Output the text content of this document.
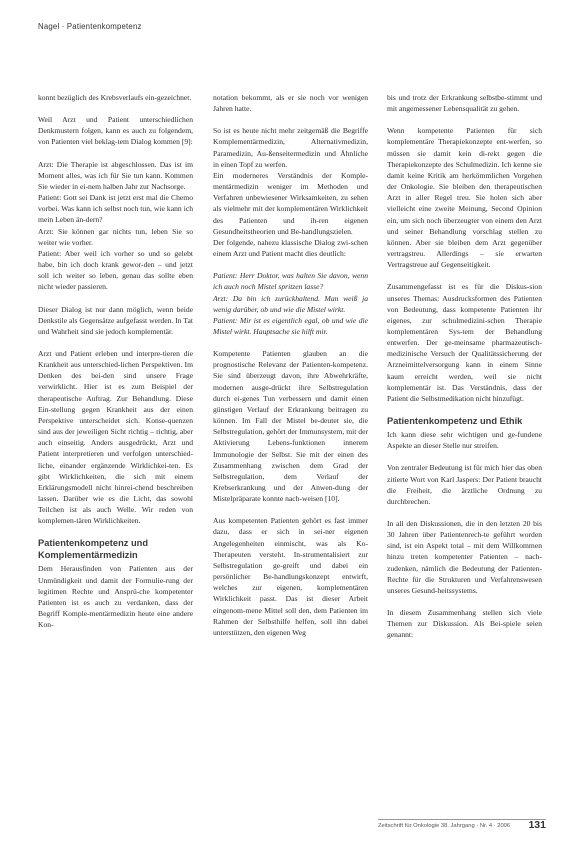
Nagel · Patientenkompetenz

konnt bezüglich des Krebsverlaufs ein-gezeichnet.

Weil Arzt und Patient unterschiedlichen Denkmustern folgen, kann es auch zu folgendem, von Patienten viel beklag-tem Dialog kommen [9]:

Arzt: Die Therapie ist abgeschlossen. Das ist im Moment alles, was ich für Sie tun kann. Kommen Sie wieder in ei-nem halben Jahr zur Nachsorge.

Patient: Gott sei Dank ist jetzt erst mal die Chemo vorbei. Was kann ich selbst noch tun, wie kann ich mein Leben än-dern?

Arzt: Sie können gar nichts tun, leben Sie so weiter wie vorher.

Patient: Aber weil ich vorher so und so gelebt habe, bin ich doch krank gewor-den – und jetzt soll ich weiter so leben, genau das sollte eben nicht wieder passieren.

Dieser Dialog ist nur dann möglich, wenn beide Denkstile als Gegensätze aufgefasst werden. In Tat und Wahrheit sind sie jedoch komplementär.

Arzt und Patient erleben und interpre-tieren die Krankheit aus unterschied-lichen Perspektiven. Im Denken des bei-den sind unsere Frage verwirklicht. Hier ist es zum Beispiel der therapeutische Auftrag. Zur Behandlung. Diese Ein-stellung gegen Krankheit aus der einen Perspektive unterscheidet sich. Konse-quenzen sind aus der jeweiligen Sicht richtig – richtig, aber auch einseitig. Anders ausgedrückt, Arzt und Patient interpretieren und verfolgen unterschied-liche, einander ergänzende Wirklichkei-ten. Es gibt Wirklichkeiten, die sich mit einem Erklärungsmodell nicht hinrei-chend beschreiben lassen. Darüber wie es die Licht, das sowohl Teilchen ist als auch Welle. Wir reden von komplemen-tären Wirklichkeiten.

Patientenkompetenz und Komplementärmedizin

Dem Herausfinden von Patienten aus der Unmündigkeit und damit der Formulie-rung der legitimen Rechte und Ansprü-che kompetenter Patienten ist es auch zu verdanken, dass der Begriff Komple-mentärmedizin heute eine andere Kon-

notation bekommt, als er sie noch vor wenigen Jahren hatte.

So ist es heute nicht mehr zeitgemäß die Begriffe Komplementärmedizin, Alternativmedizin, Paramedizin, Au-ßenseitermedizin und Ähnliche in einen Topf zu werfen.

Ein moderneres Verständnis der Komple-mentärmedizin weniger im Methoden und Verfahren unbewiesener Wirksamkeiten, zu sehen als vielmehr mit der komplementären Wirklichkeit des Patienten und ih-ren eigenen Gesundheitstheorien und Be-handlungszielen.

Der folgende, nahezu klassische Dialog zwi-schen einem Arzt und Patient macht dies deutlich:

Patient: Herr Doktor, was halten Sie davon, wenn ich auch noch Mistel spritzen lasse?

Arzt: Da bin ich zurückhaltend. Man weiß ja wenig darüber, ob und wie die Mistel wirkt.

Patient: Mir ist es eigentlich egal, ob und wie die Mistel wirkt. Hauptsache sie hilft mir.

Kompetente Patienten glauben an die prognostische Relevanz der Patienten-kompetenz. Sie sind überzeugt davon, ihre Abwehrkräfte, modernen ausge-drückt ihre Selbstregulation durch ei-genes Tun verbessern und damit einen günstigen Verlauf der Erkrankung beitragen zu können. Im Fall der Mistel be-deutet sie, die Selbstregulation, gehört der Immunsystem, mit der Aktivierung Lebens-funktionen innerem Immunologie der Selbst. Sie mit der einen des Zusammenhang zwischen dem Grad der Selbstregulation, dem Verlauf der Krebserkrankung und der Anwen-dung der Mistelpräparate konnte nach-weisen [10].

Aus kompetenten Patienten gehört es fast immer dazu, dass er sich in sei-ner eigenen Angelegenheiten einmischt, was als Ko-Therapeuten versteht. In-strumentalisiert zur Selbstregulation ge-greift und dabei ein persönlicher Be-handlungskonzept entwirft, welches zur eigenen, komplementären Wirklichkeit passt. Das ist dieser Arbeit eingenom-mene Mittel soll den, dem Patienten im Rahmen der Selbsthilfe helfen, soll ihn dabei unterstützen, den eigenen Weg

bis und trotz der Erkrankung selbstbe-stimmt und mit angemessener Lebensqualität zu gehen.

Wenn kompetente Patienten für sich komplementäre Therapiekonzepte ent-werfen, so müssen sie damit kein di-rekt gegen die Therapiekonzepte des Schulmedizin. Ich kenne sie damit keine Kritik am herkömmlichen Vorgehen der Onkologie. Sie bleiben den therapeutischen Arzt in aller Regel treu. Sie holen sich aber vielleicht eine zweite Meinung, Second Opinion ein, um sich noch überzeugter von einem den Arzt und seiner Behandlung vorschlag stellen zu können. Aber sie bleiben dem Arzt gegenüber vertragstreu. Allerdings – sie erwarten Vertragstreue auf Gegenseitigkeit.

Zusammengefasst ist es für die Diskus-sion unseres Themas: Ausdrucksformen des Patienten von Bedeutung, dass kompetente Patienten ihr eigenes, zur schulmedizini-schen Therapie komplementären Sys-tem der Behandlung entwerfen. Der ge-meinsame pharmazeutisch-medizinische Versuch der Qualitätssicherung der Arzneimittelversorgung kann in einem Sinne kaum erreicht werden, weil sie nicht komplementär ist. Das Verständnis, dass der Patient die Selbstmedikation nicht hinzufügt.

Patientenkompetenz und Ethik

Ich kann diese sehr wichtigen und ge-fundene Aspekte an dieser Stelle nur streifen.

Von zentraler Bedeutung ist für mich hier das oben zitierte Wort von Karl Jaspers: Der Patient braucht die Freiheit, die ärztliche Ordnung zu durchbrechen.

In all den Diskussionen, die in den letzten 20 bis 30 Jahren über Patientenrech-te geführt worden sind, ist ein Aspekt total – mit dem Willkommen hinzu treten kompetenter Patienten – nach-zudenken, nämlich die Bedeutung der Patienten-Rechte für die Strukturen und Verfahrenswesen unseres Gesund-heitssystems.

In diesem Zusammenhang stellen sich viele Themen zur Diskussion. Als Bei-spiele seien genannt:

Zeitschrift für Onkologie 38. Jahrgang · Nr. 4 · 2006 131
